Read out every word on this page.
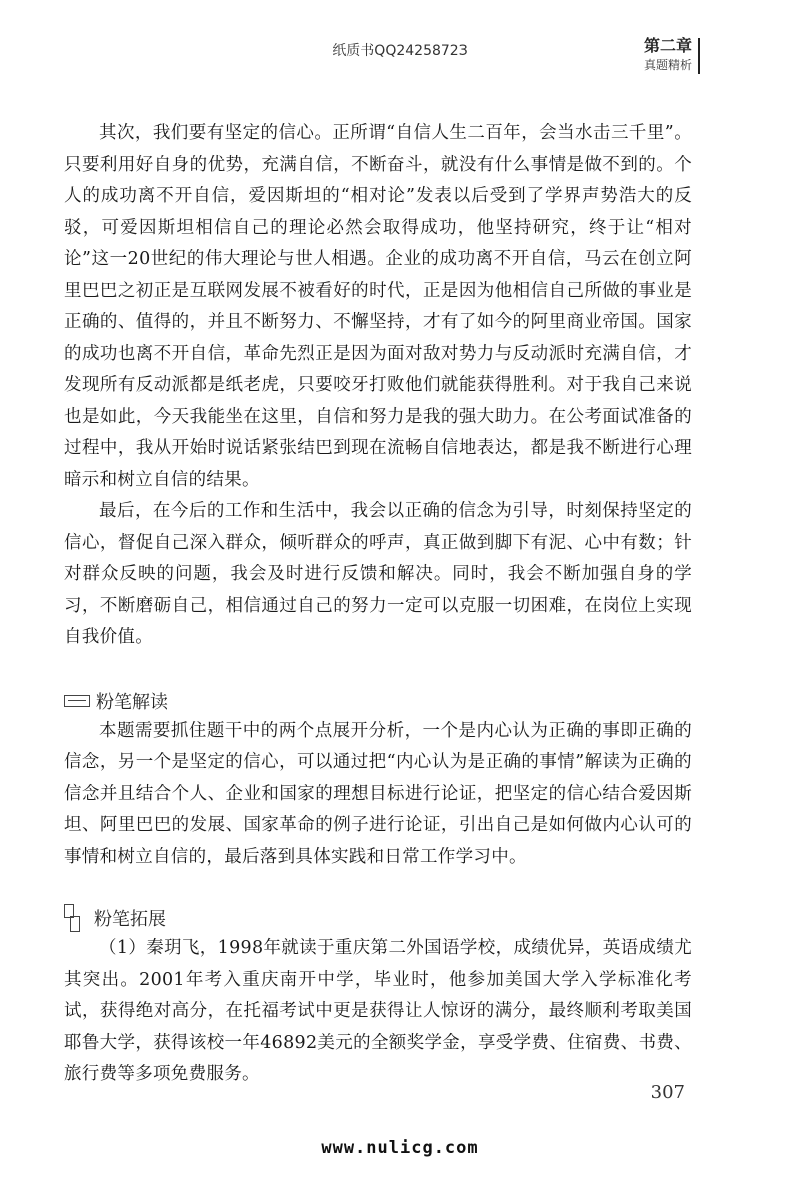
纸质书QQ2425872З	第二章
真题精析

其次，我们要有坚定的信心。正所谓“自信人生二百年，会当水击三千里”。只要利用好自身的优势，充满自信，不断奋斗，就没有什么事情是做不到的。个人的成功离不开自信，爱因斯坦的“相对论”发表以后受到了学界声势浩大的反驳，可爱因斯坦相信自己的理论必然会取得成功，他坚持研究，终于让“相对论”这一20世纪的伟大理论与世人相遇。企业的成功离不开自信，马云在创立阿里巴巴之初正是互联网发展不被看好的时代，正是因为他相信自己所做的事业是正确的、值得的，并且不断努力、不懈坚持，才有了如今的阿里商业帝国。国家的成功也离不开自信，革命先烈正是因为面对敌对势力与反动派时充满自信，才发现所有反动派都是纸老虎，只要咬牙打败他们就能获得胜利。对于我自己来说也是如此，今天我能坐在这里，自信和努力是我的强大助力。在公考面试准备的过程中，我从开始时说话紧张结巴到现在流畅自信地表达，都是我不断进行心理暗示和树立自信的结果。

最后，在今后的工作和生活中，我会以正确的信念为引导，时刻保持坚定的信心，督促自己深入群众，倾听群众的呼声，真正做到脚下有泥、心中有数；针对群众反映的问题，我会及时进行反馈和解决。同时，我会不断加强自身的学习，不断磨砺自己，相信通过自己的努力一定可以克服一切困难，在岗位上实现自我价值。

粉笔解读

本题需要抓住题干中的两个点展开分析，一个是内心认为正确的事即正确的信念，另一个是坚定的信心，可以通过把“内心认为是正确的事情”解读为正确的信念并且结合个人、企业和国家的理想目标进行论证，把坚定的信心结合爱因斯坦、阿里巴巴的发展、国家革命的例子进行论证，引出自己是如何做内心认可的事情和树立自信的，最后落到具体实践和日常工作学习中。

粉笔拓展

（1）秦玥飞，1998年就读于重庆第二外国语学校，成绩优异，英语成绩尤其突出。2001年考入重庆南开中学，毕业时，他参加美国大学入学标准化考试，获得绝对高分，在托福考试中更是获得让人惊讶的满分，最终顺利考取美国耶鲁大学，获得该校一年46892美元的全额奖学金，享受学费、住宿费、书费、旅行费等多项免费服务。

307
www.nulicg.com
